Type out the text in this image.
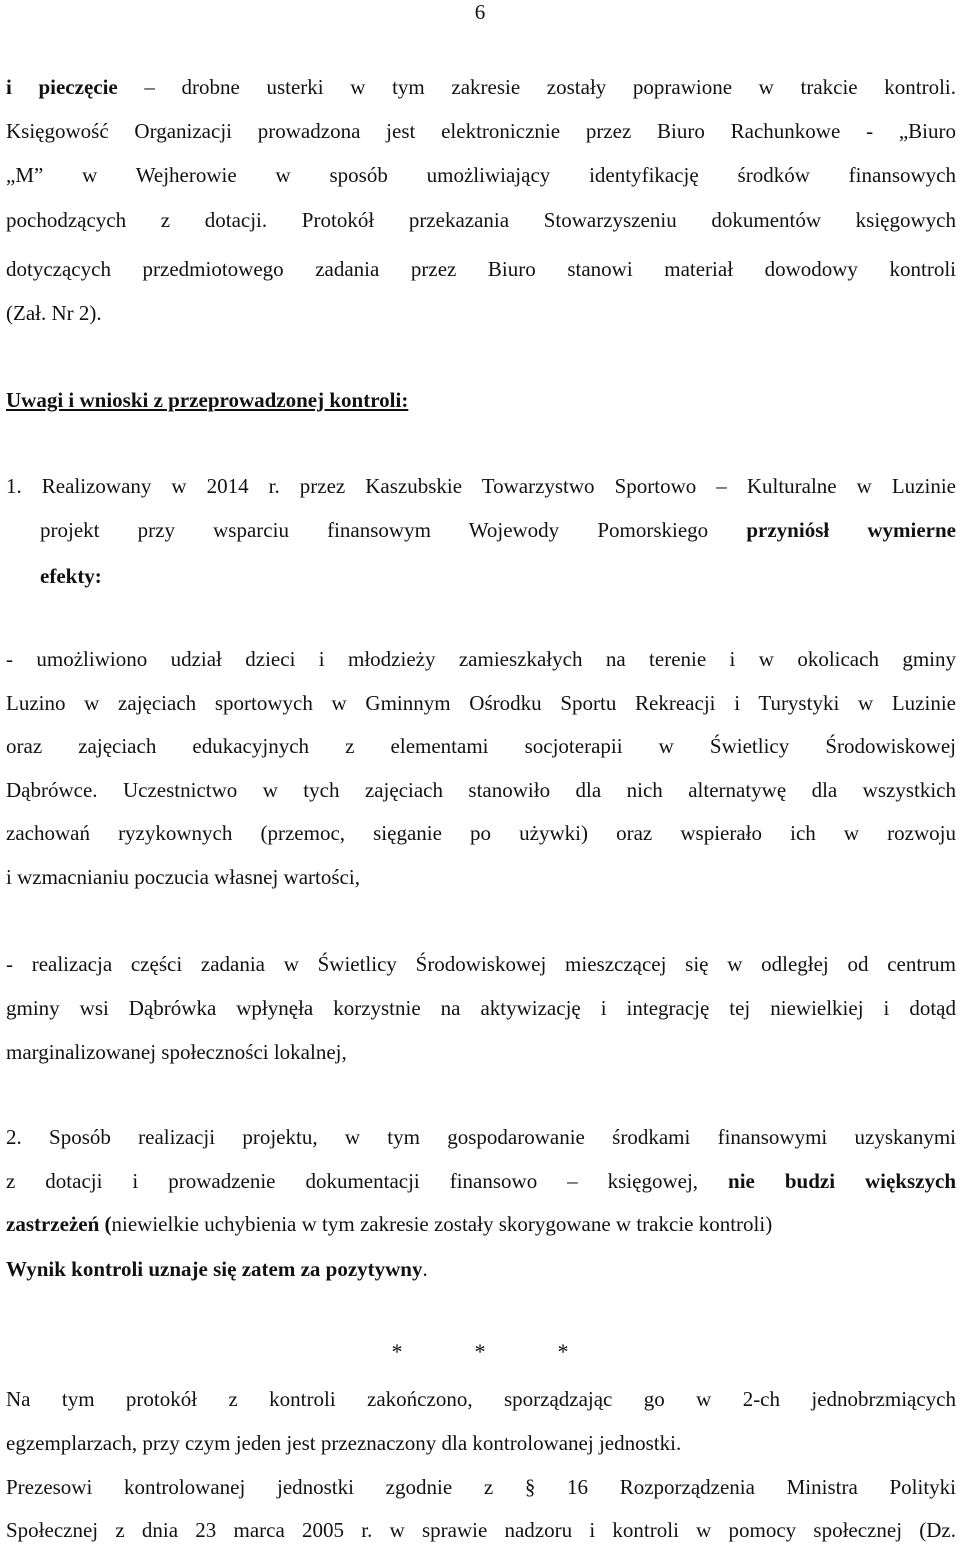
6
i pieczęcie – drobne usterki w tym zakresie zostały poprawione w trakcie kontroli.
Księgowość Organizacji prowadzona jest elektronicznie przez Biuro Rachunkowe - „Biuro
„M” w Wejherowie w sposób umożliwiający identyfikację środków finansowych
pochodzących z dotacji. Protokół przekazania Stowarzyszeniu dokumentów księgowych
dotyczących przedmiotowego zadania przez Biuro stanowi materiał dowodowy kontroli
(Zał. Nr 2).
Uwagi i wnioski z przeprowadzonej kontroli:
1. Realizowany w 2014 r. przez Kaszubskie Towarzystwo Sportowo – Kulturalne w Luzinie
projekt przy wsparciu finansowym Wojewody Pomorskiego przyniósł wymierne
efekty:
- umożliwiono udział dzieci i młodzieży zamieszkałych na terenie i w okolicach gminy
Luzino w zajęciach sportowych w Gminnym Ośrodku Sportu Rekreacji i Turystyki w Luzinie
oraz zajęciach edukacyjnych z elementami socjoterapii w Świetlicy Środowiskowej
Dąbrówce. Uczestnictwo w tych zajęciach stanowiło dla nich alternatywę dla wszystkich
zachowań ryzykownych (przemoc, sięganie po używki) oraz wspierało ich w rozwoju
i wzmacnianiu poczucia własnej wartości,
- realizacja części zadania w Świetlicy Środowiskowej mieszczącej się w odległej od centrum
gminy wsi Dąbrówka wpłynęła korzystnie na aktywizację i integrację tej niewielkiej i dotąd
marginalizowanej społeczności lokalnej,
2. Sposób realizacji projektu, w tym gospodarowanie środkami finansowymi uzyskanymi
z dotacji i prowadzenie dokumentacji finansowo – księgowej, nie budzi większych
zastrzeżeń (niewielkie uchybienia w tym zakresie zostały skorygowane w trakcie kontroli)
Wynik kontroli uznaje się zatem za pozytywny.
*	*	*
Na tym protokół z kontroli zakończono, sporządzając go w 2-ch jednobrzmiących
egzemplarzach, przy czym jeden jest przeznaczony dla kontrolowanej jednostki.
Prezesowi kontrolowanej jednostki zgodnie z § 16 Rozporządzenia Ministra Polityki
Społecznej z dnia 23 marca 2005 r. w sprawie nadzoru i kontroli w pomocy społecznej (Dz.
